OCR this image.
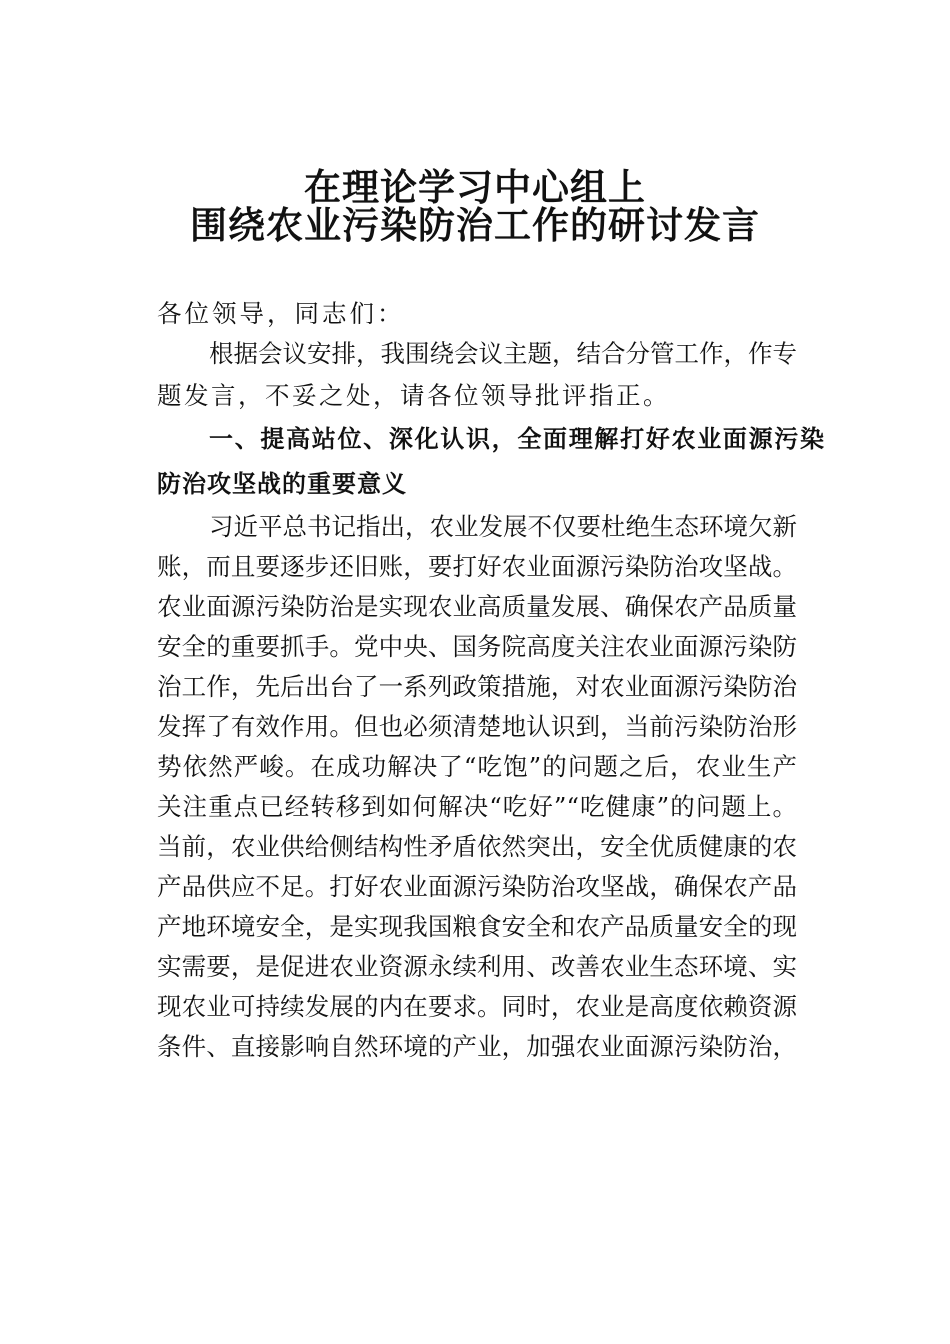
在理论学习中心组上
围绕农业污染防治工作的研讨发言
各位领导，同志们：
根据会议安排，我围绕会议主题，结合分管工作，作专
题发言，不妥之处，请各位领导批评指正。
一、提高站位、深化认识，全面理解打好农业面源污染
防治攻坚战的重要意义
习近平总书记指出，农业发展不仅要杜绝生态环境欠新
账，而且要逐步还旧账，要打好农业面源污染防治攻坚战。
农业面源污染防治是实现农业高质量发展、确保农产品质量
安全的重要抓手。党中央、国务院高度关注农业面源污染防
治工作，先后出台了一系列政策措施，对农业面源污染防治
发挥了有效作用。但也必须清楚地认识到，当前污染防治形
势依然严峻。在成功解决了“吃饱”的问题之后，农业生产
关注重点已经转移到如何解决“吃好”“吃健康”的问题上。
当前，农业供给侧结构性矛盾依然突出，安全优质健康的农
产品供应不足。打好农业面源污染防治攻坚战，确保农产品
产地环境安全，是实现我国粮食安全和农产品质量安全的现
实需要，是促进农业资源永续利用、改善农业生态环境、实
现农业可持续发展的内在要求。同时，农业是高度依赖资源
条件、直接影响自然环境的产业，加强农业面源污染防治，
